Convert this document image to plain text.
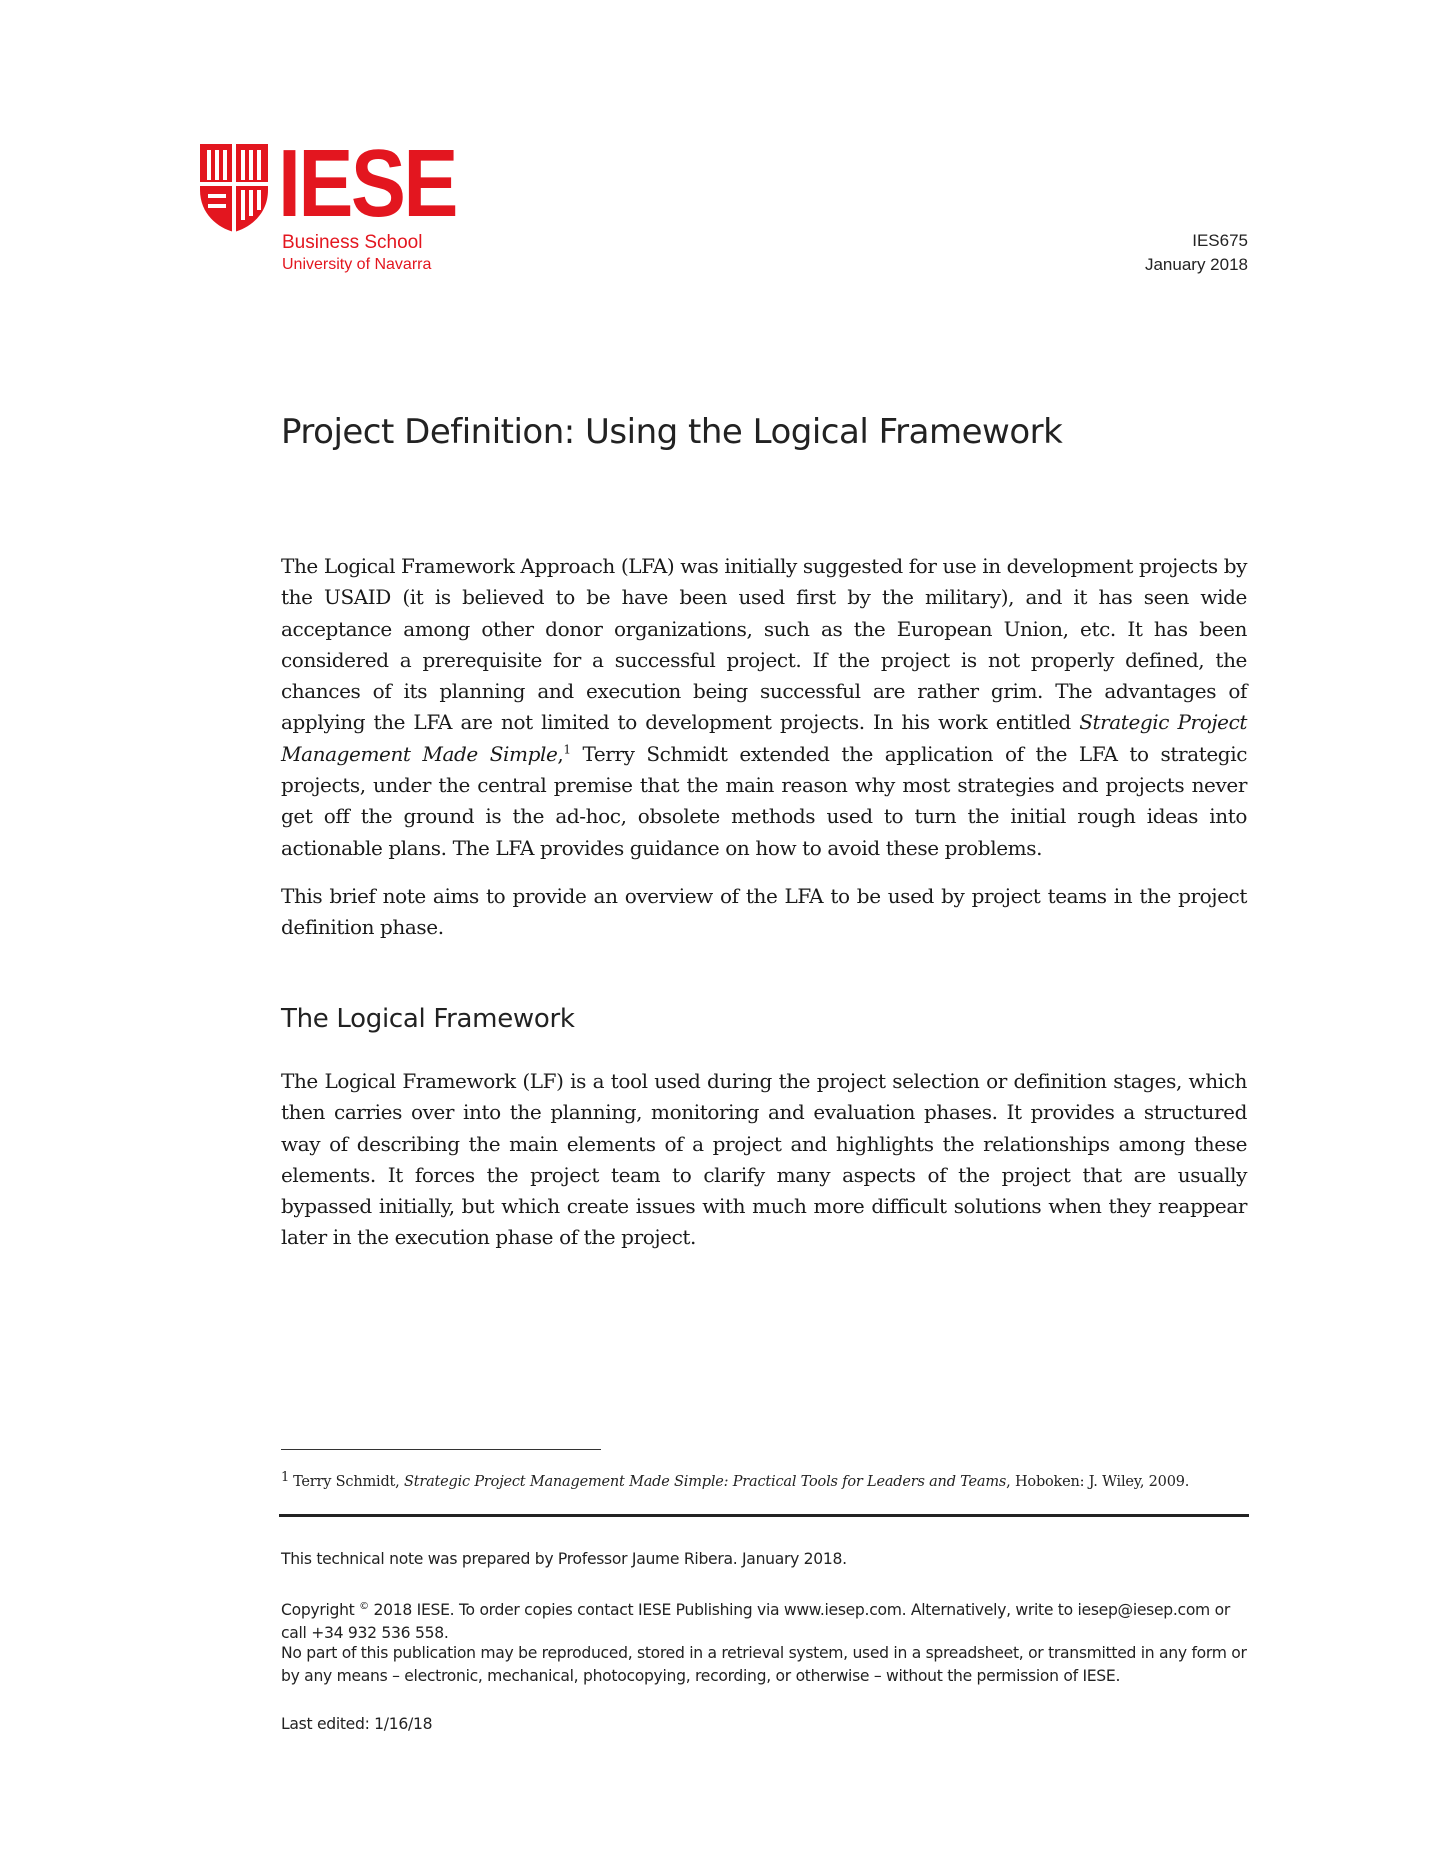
IESE
Business School
University of Navarra
IES675
January 2018
Project Definition: Using the Logical Framework
The Logical Framework Approach (LFA) was initially suggested for use in development projects by the USAID (it is believed to be have been used first by the military), and it has seen wide acceptance among other donor organizations, such as the European Union, etc. It has been considered a prerequisite for a successful project. If the project is not properly defined, the chances of its planning and execution being successful are rather grim. The advantages of applying the LFA are not limited to development projects. In his work entitled Strategic Project Management Made Simple,$^1$ Terry Schmidt extended the application of the LFA to strategic projects, under the central premise that the main reason why most strategies and projects never get off the ground is the ad-hoc, obsolete methods used to turn the initial rough ideas into actionable plans. The LFA provides guidance on how to avoid these problems.
This brief note aims to provide an overview of the LFA to be used by project teams in the project definition phase.
The Logical Framework
The Logical Framework (LF) is a tool used during the project selection or definition stages, which then carries over into the planning, monitoring and evaluation phases. It provides a structured way of describing the main elements of a project and highlights the relationships among these elements. It forces the project team to clarify many aspects of the project that are usually bypassed initially, but which create issues with much more difficult solutions when they reappear later in the execution phase of the project.
$^1$ Terry Schmidt, Strategic Project Management Made Simple: Practical Tools for Leaders and Teams, Hoboken: J. Wiley, 2009.
This technical note was prepared by Professor Jaume Ribera. January 2018.
Copyright © 2018 IESE. To order copies contact IESE Publishing via www.iesep.com. Alternatively, write to iesep@iesep.com or call +34 932 536 558.
No part of this publication may be reproduced, stored in a retrieval system, used in a spreadsheet, or transmitted in any form or by any means – electronic, mechanical, photocopying, recording, or otherwise – without the permission of IESE.
Last edited: 1/16/18
